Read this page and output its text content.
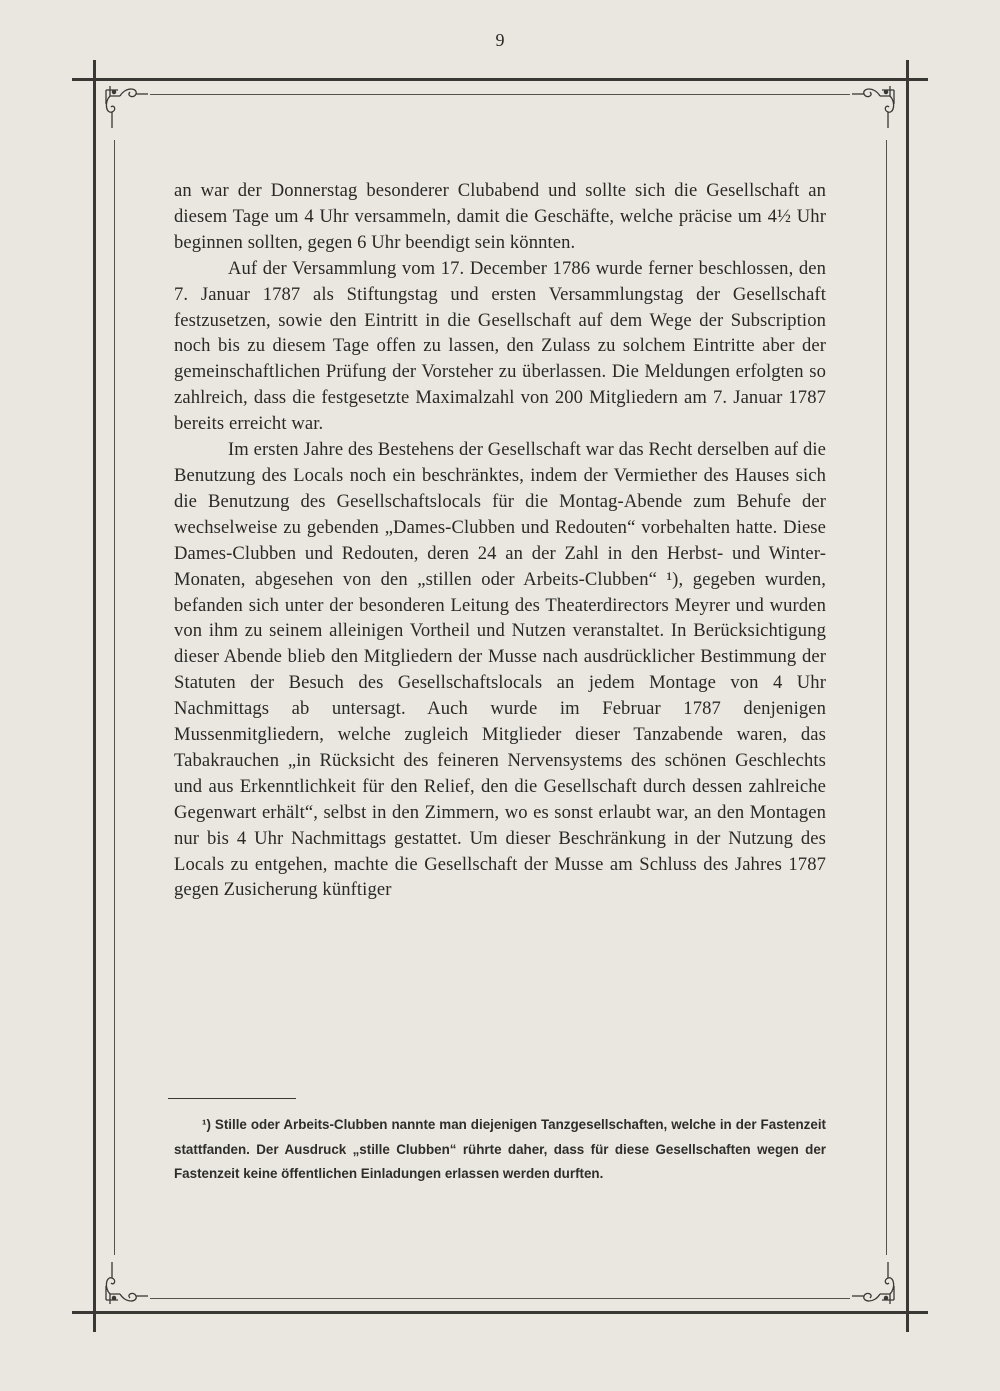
9

an war der Donnerstag besonderer Clubabend und sollte sich die Gesellschaft an diesem Tage um 4 Uhr versammeln, damit die Geschäfte, welche präcise um 4½ Uhr beginnen sollten, gegen 6 Uhr beendigt sein könnten.

Auf der Versammlung vom 17. December 1786 wurde ferner beschlossen, den 7. Januar 1787 als Stiftungstag und ersten Versammlungstag der Gesellschaft festzusetzen, sowie den Eintritt in die Gesellschaft auf dem Wege der Subscription noch bis zu diesem Tage offen zu lassen, den Zulass zu solchem Eintritte aber der gemeinschaftlichen Prüfung der Vorsteher zu überlassen. Die Meldungen erfolgten so zahlreich, dass die festgesetzte Maximalzahl von 200 Mitgliedern am 7. Januar 1787 bereits erreicht war.

Im ersten Jahre des Bestehens der Gesellschaft war das Recht derselben auf die Benutzung des Locals noch ein beschränktes, indem der Vermiether des Hauses sich die Benutzung des Gesellschaftslocals für die Montag-Abende zum Behufe der wechselweise zu gebenden „Dames-Clubben und Redouten“ vorbehalten hatte. Diese Dames-Clubben und Redouten, deren 24 an der Zahl in den Herbst- und Winter-Monaten, abgesehen von den „stillen oder Arbeits-Clubben“ ¹), gegeben wurden, befanden sich unter der besonderen Leitung des Theaterdirectors Meyrer und wurden von ihm zu seinem alleinigen Vortheil und Nutzen veranstaltet. In Berücksichtigung dieser Abende blieb den Mitgliedern der Musse nach ausdrücklicher Bestimmung der Statuten der Besuch des Gesellschaftslocals an jedem Montage von 4 Uhr Nachmittags ab untersagt. Auch wurde im Februar 1787 denjenigen Mussenmitgliedern, welche zugleich Mitglieder dieser Tanzabende waren, das Tabakrauchen „in Rücksicht des feineren Nervensystems des schönen Geschlechts und aus Erkenntlichkeit für den Relief, den die Gesellschaft durch dessen zahlreiche Gegenwart erhält“, selbst in den Zimmern, wo es sonst erlaubt war, an den Montagen nur bis 4 Uhr Nachmittags gestattet. Um dieser Beschränkung in der Nutzung des Locals zu entgehen, machte die Gesellschaft der Musse am Schluss des Jahres 1787 gegen Zusicherung künftiger

¹) Stille oder Arbeits-Clubben nannte man diejenigen Tanzgesellschaften, welche in der Fastenzeit stattfanden. Der Ausdruck „stille Clubben“ rührte daher, dass für diese Gesellschaften wegen der Fastenzeit keine öffentlichen Einladungen erlassen werden durften.
